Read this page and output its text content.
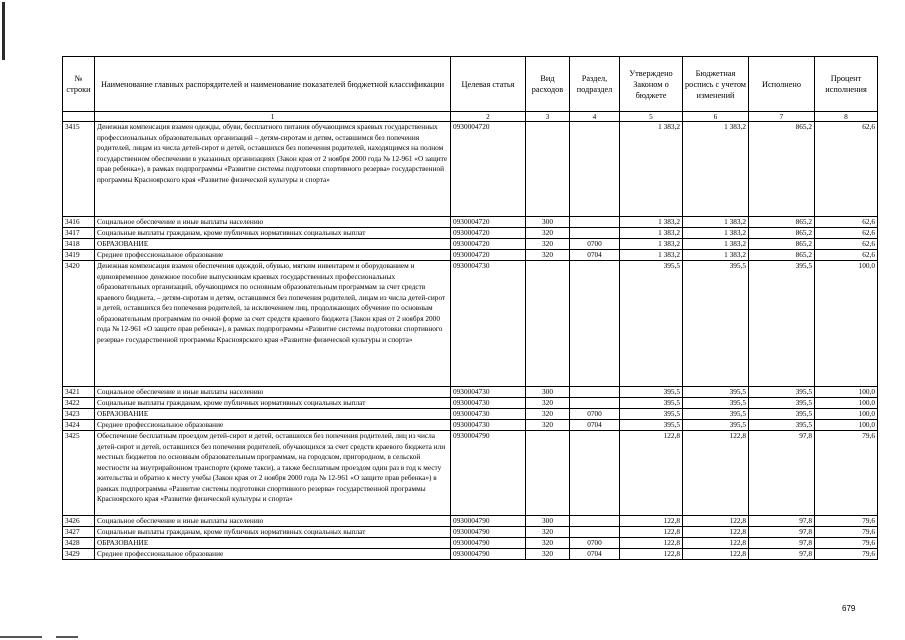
№ строки	Наименование главных распорядителей и наименование показателей бюджетной классификации	Целевая статья	Вид расходов	Раздел, подраздел	Утверждено Законом о бюджете	Бюджетная роспись с учетом изменений	Исполнено	Процент исполнения
	1	2	3	4	5	6	7	8
3415	Денежная компенсация взамен одежды, обуви, бесплатного питания обучающимся краевых государственных профессиональных образовательных организаций – детям-сиротам и детям, оставшимся без попечения родителей, лицам из числа детей-сирот и детей, оставшихся без попечения родителей, находящимся на полном государственном обеспечении в указанных организациях (Закон края от 2 ноября 2000 года № 12-961 «О защите прав ребенка»), в рамках подпрограммы «Развитие системы подготовки спортивного резерва» государственной программы Красноярского края «Развитие физической культуры и спорта»	0930004720			1 383,2	1 383,2	865,2	62,6
3416	Социальное обеспечение и иные выплаты населению	0930004720	300		1 383,2	1 383,2	865,2	62,6
3417	Социальные выплаты гражданам, кроме публичных нормативных социальных выплат	0930004720	320		1 383,2	1 383,2	865,2	62,6
3418	ОБРАЗОВАНИЕ	0930004720	320	0700	1 383,2	1 383,2	865,2	62,6
3419	Среднее профессиональное образование	0930004720	320	0704	1 383,2	1 383,2	865,2	62,6
3420	Денежная компенсация взамен обеспечения одеждой, обувью, мягким инвентарем и оборудованием и единовременное денежное пособие выпускникам краевых государственных профессиональных образовательных организаций, обучающимся по основным образовательным программам за счет средств краевого бюджета, – детям-сиротам и детям, оставшимся без попечения родителей, лицам из числа детей-сирот и детей, оставшихся без попечения родителей, за исключением лиц, продолжающих обучение по основным образовательным программам по очной форме за счет средств краевого бюджета (Закон края от 2 ноября 2000 года № 12-961 «О защите прав ребенка»), в рамках подпрограммы «Развитие системы подготовки спортивного резерва» государственной программы Красноярского края «Развитие физической культуры и спорта»	0930004730			395,5	395,5	395,5	100,0
3421	Социальное обеспечение и иные выплаты населению	0930004730	300		395,5	395,5	395,5	100,0
3422	Социальные выплаты гражданам, кроме публичных нормативных социальных выплат	0930004730	320		395,5	395,5	395,5	100,0
3423	ОБРАЗОВАНИЕ	0930004730	320	0700	395,5	395,5	395,5	100,0
3424	Среднее профессиональное образование	0930004730	320	0704	395,5	395,5	395,5	100,0
3425	Обеспечение бесплатным проездом детей-сирот и детей, оставшихся без попечения родителей, лиц из числа детей-сирот и детей, оставшихся без попечения родителей, обучающихся за счет средств краевого бюджета или местных бюджетов по основным образовательным программам, на городском, пригородном, в сельской местности на внутрирайонном транспорте (кроме такси), а также бесплатным проездом один раз в год к месту жительства и обратно к месту учебы (Закон края от 2 ноября 2000 года № 12-961 «О защите прав ребенка») в рамках подпрограммы «Развитие системы подготовки спортивного резерва» государственной программы Красноярского края «Развитие физической культуры и спорта»	0930004790			122,8	122,8	97,8	79,6
3426	Социальное обеспечение и иные выплаты населению	0930004790	300		122,8	122,8	97,8	79,6
3427	Социальные выплаты гражданам, кроме публичных нормативных социальных выплат	0930004790	320		122,8	122,8	97,8	79,6
3428	ОБРАЗОВАНИЕ	0930004790	320	0700	122,8	122,8	97,8	79,6
3429	Среднее профессиональное образование	0930004790	320	0704	122,8	122,8	97,8	79,6
679
